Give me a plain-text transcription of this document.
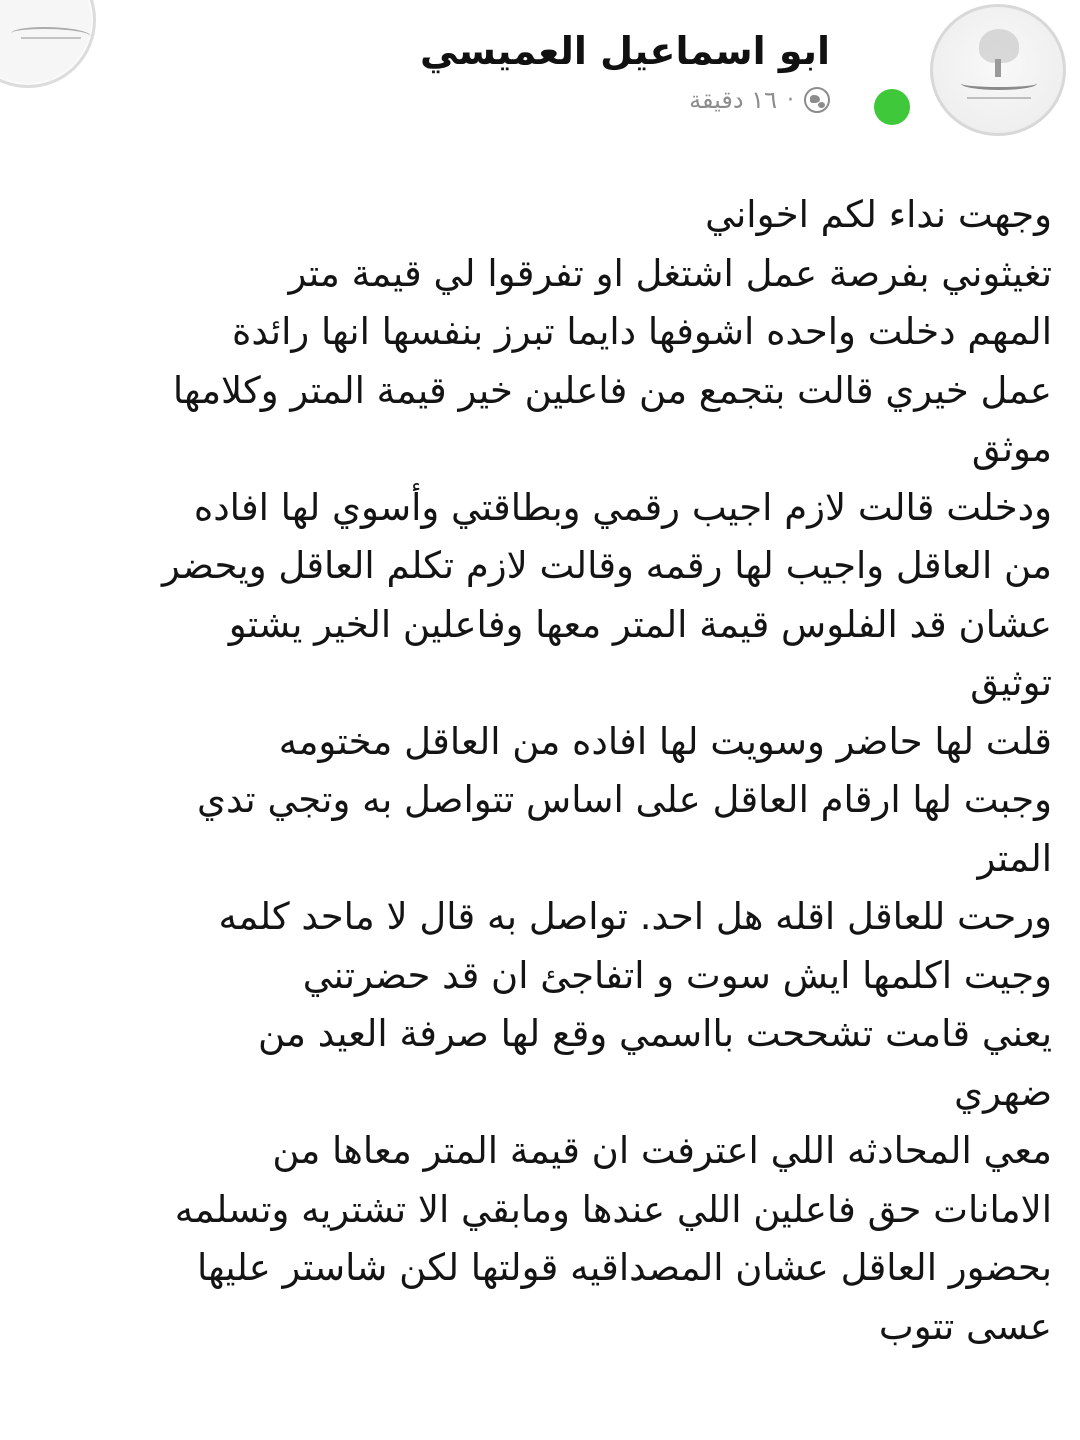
ابو اسماعيل العميسي
١٦ دقيقة ·
وجهت نداء لكم اخواني
تغيثوني بفرصة عمل اشتغل او تفرقوا لي قيمة متر
المهم دخلت واحده اشوفها دايما تبرز بنفسها انها رائدة
عمل خيري قالت بتجمع من فاعلين خير قيمة المتر وكلامها
موثق
ودخلت قالت لازم اجيب رقمي وبطاقتي وأسوي لها افاده
من العاقل واجيب لها رقمه وقالت لازم تكلم العاقل ويحضر
عشان قد الفلوس قيمة المتر معها وفاعلين الخير يشتو
توثيق
قلت لها حاضر وسويت لها افاده من العاقل مختومه
وجبت لها ارقام العاقل على اساس تتواصل به وتجي تدي
المتر
ورحت للعاقل اقله هل احد. تواصل به قال لا ماحد كلمه
وجيت اكلمها ايش سوت و اتفاجئ ان قد حضرتني
يعني قامت تشححت بااسمي وقع لها صرفة العيد من
ضهري
معي المحادثه اللي اعترفت ان قيمة المتر معاها من
الامانات حق فاعلين اللي عندها ومابقي الا تشتريه وتسلمه
بحضور العاقل عشان المصداقيه قولتها لكن شاستر عليها
عسى تتوب
